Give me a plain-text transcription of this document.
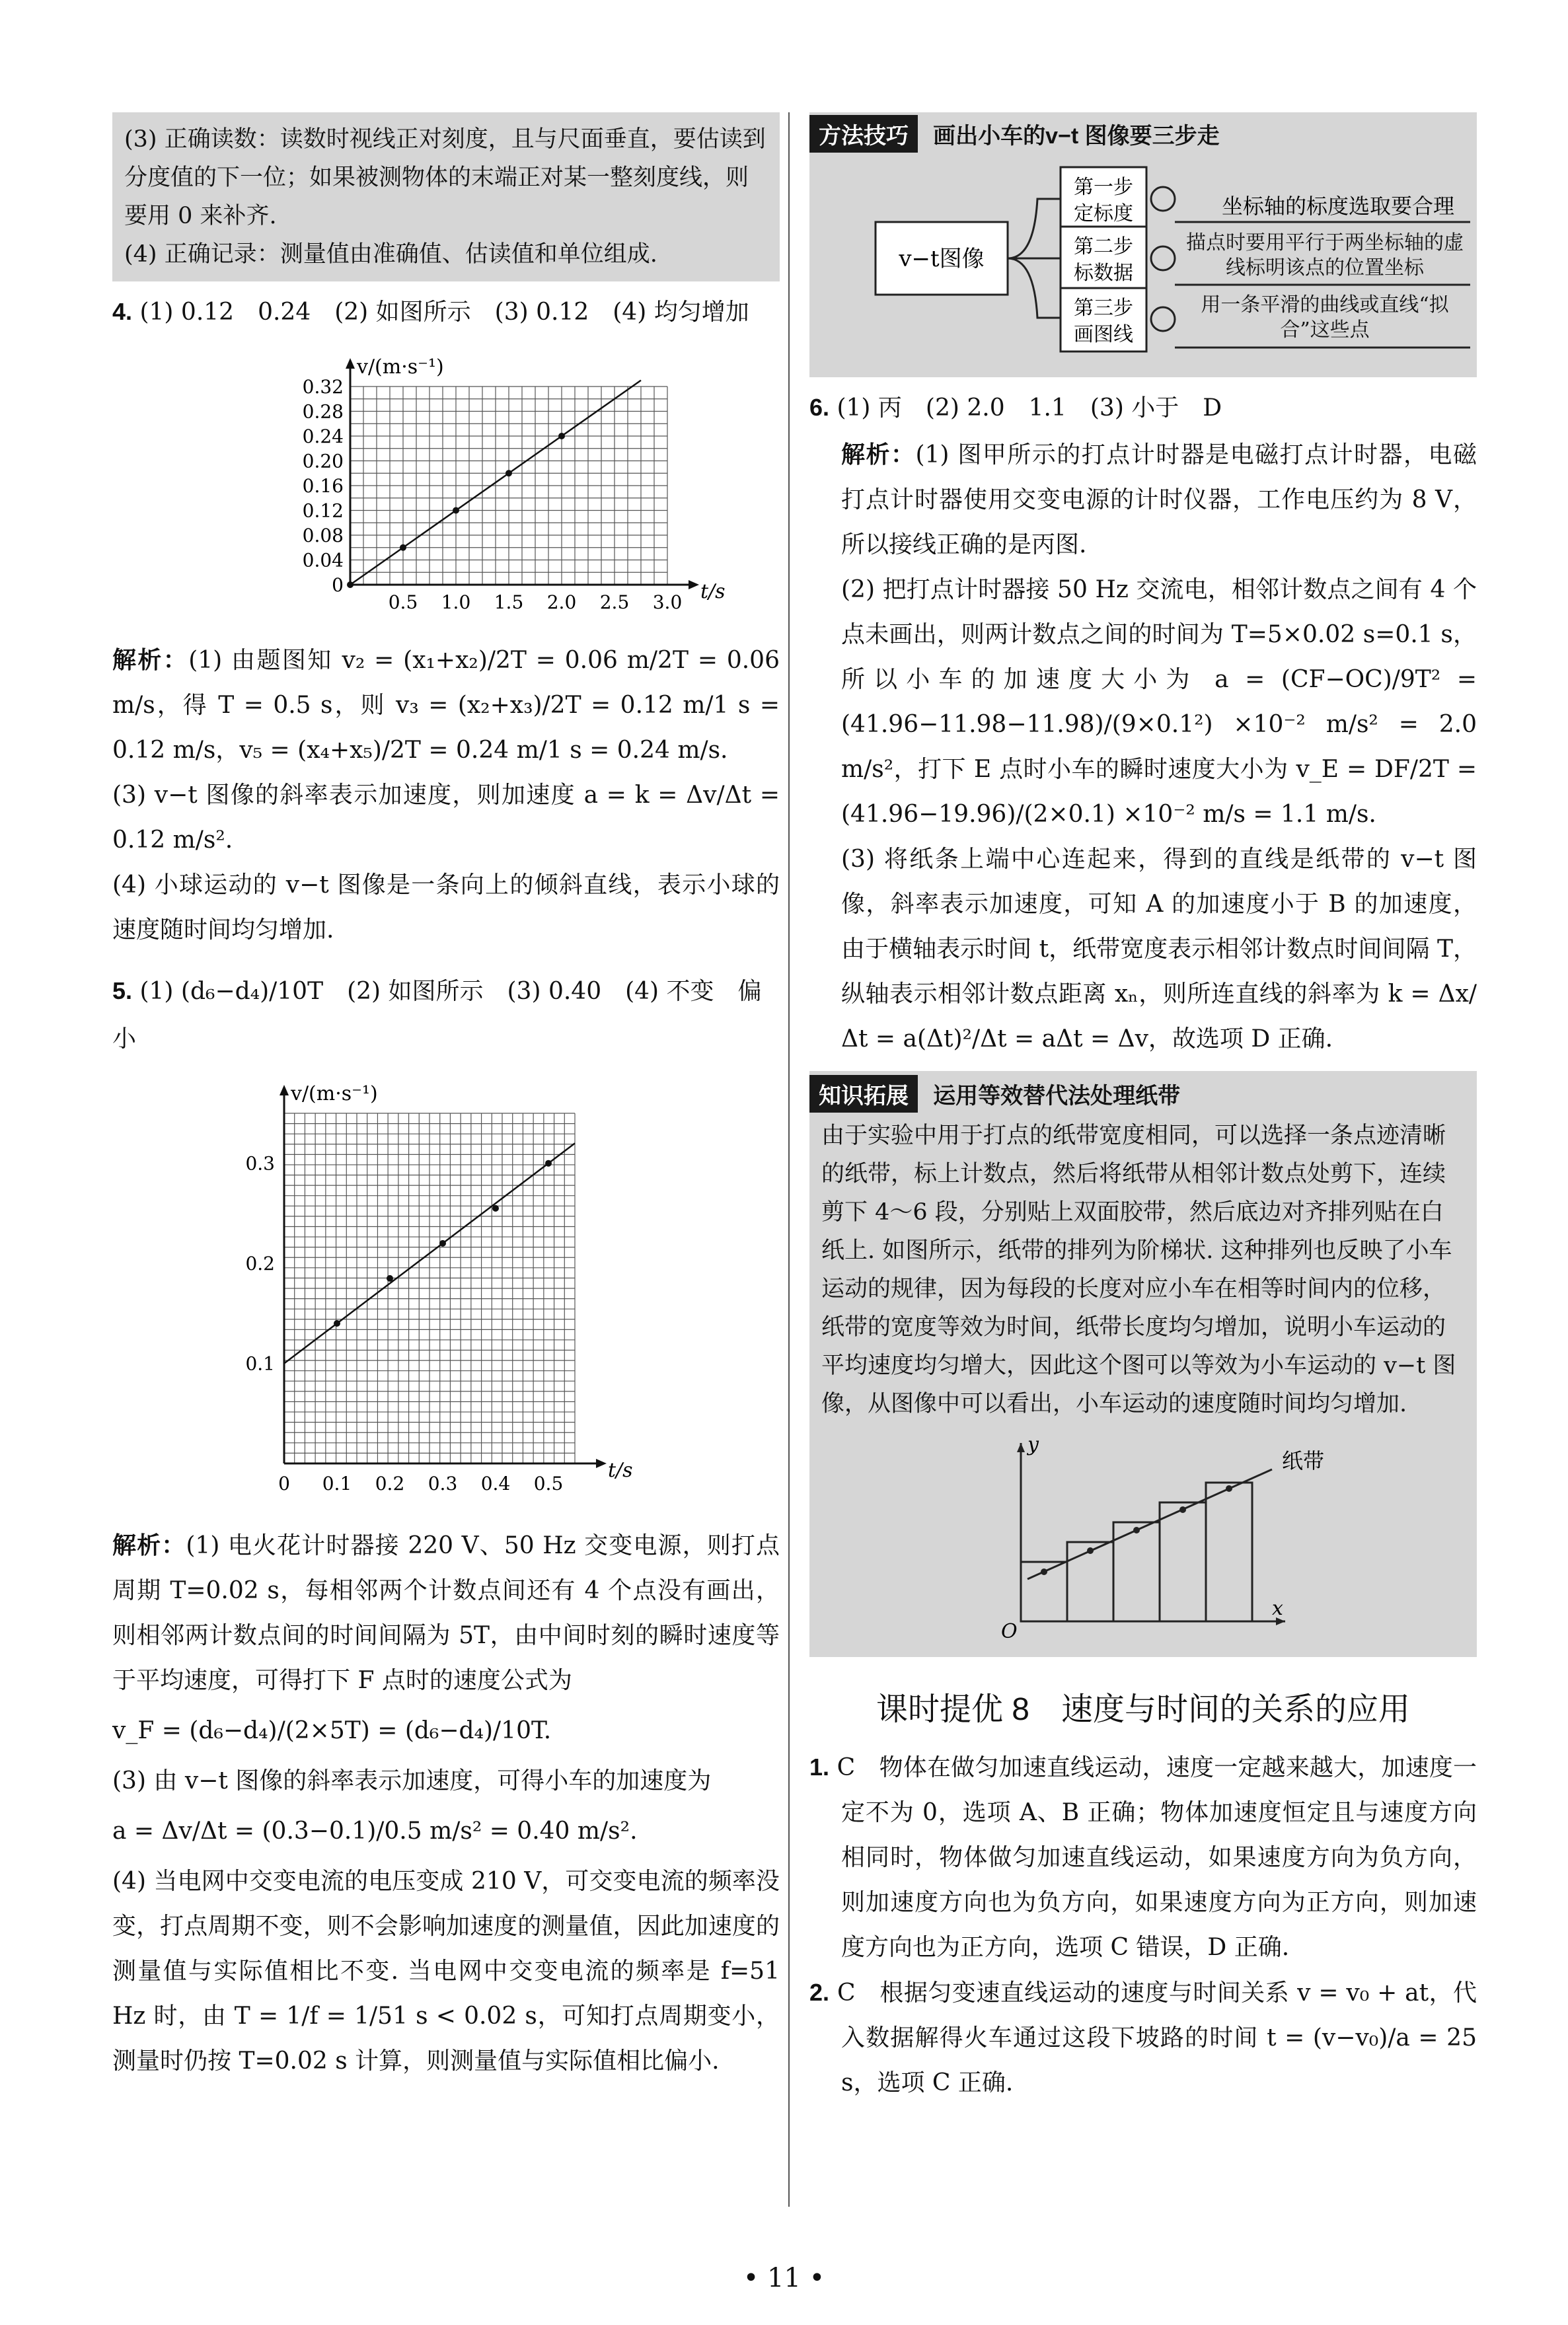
(3) 正确读数：读数时视线正对刻度，且与尺面垂直，要估读到分度值的下一位；如果被测物体的末端正对某一整刻度线，则要用 0 来补齐.

(4) 正确记录：测量值由准确值、估读值和单位组成.

4. (1) 0.12　0.24　(2) 如图所示　(3) 0.12　(4) 均匀增加
v/(m·s⁻¹)
t/s
0
0.04
0.08
0.12
0.16
0.20
0.24
0.28
0.32
0.5 1.0 1.5 2.0 2.5 3.0

解析：(1) 由题图知 v₂ = (x₁+x₂)/2T = 0.06 m/2T = 0.06 m/s，得 T = 0.5 s，则 v₃ = (x₂+x₃)/2T = 0.12 m/1 s = 0.12 m/s，v₅ = (x₄+x₅)/2T = 0.24 m/1 s = 0.24 m/s.

(3) v−t 图像的斜率表示加速度，则加速度 a = k = Δv/Δt = 0.12 m/s².

(4) 小球运动的 v−t 图像是一条向上的倾斜直线，表示小球的速度随时间均匀增加.

5. (1) (d₆−d₄)/10T　(2) 如图所示　(3) 0.40　(4) 不变　偏小
v/(m·s⁻¹)
t/s
0.1
0.2
0.3
0 0.1 0.2 0.3 0.4 0.5

解析：(1) 电火花计时器接 220 V、50 Hz 交变电源，则打点周期 T=0.02 s，每相邻两个计数点间还有 4 个点没有画出，则相邻两计数点间的时间间隔为 5T，由中间时刻的瞬时速度等于平均速度，可得打下 F 点时的速度公式为

v_F = (d₆−d₄)/(2×5T) = (d₆−d₄)/10T.

(3) 由 v−t 图像的斜率表示加速度，可得小车的加速度为

a = Δv/Δt = (0.3−0.1)/0.5 m/s² = 0.40 m/s².

(4) 当电网中交变电流的电压变成 210 V，可交变电流的频率没变，打点周期不变，则不会影响加速度的测量值，因此加速度的测量值与实际值相比不变. 当电网中交变电流的频率是 f=51 Hz 时，由 T = 1/f = 1/51 s < 0.02 s，可知打点周期变小，测量时仍按 T=0.02 s 计算，则测量值与实际值相比偏小.

方法技巧 画出小车的v−t 图像要三步走
v−t图像
第一步
定标度	坐标轴的标度选取要合理
第二步
标数据
描点时要用平行于两坐标轴的虚线标明该点的位置坐标
第三步
画图线
用一条平滑的曲线或直线“拟合”这些点
6. (1) 丙　(2) 2.0　1.1　(3) 小于　D

解析：(1) 图甲所示的打点计时器是电磁打点计时器，电磁打点计时器使用交变电源的计时仪器，工作电压约为 8 V，所以接线正确的是丙图.

(2) 把打点计时器接 50 Hz 交流电，相邻计数点之间有 4 个点未画出，则两计数点之间的时间为 T=5×0.02 s=0.1 s，所以小车的加速度大小为 a = (CF−OC)/9T² = (41.96−11.98−11.98)/(9×0.1²) ×10⁻² m/s² = 2.0 m/s²，打下 E 点时小车的瞬时速度大小为 v_E = DF/2T = (41.96−19.96)/(2×0.1) ×10⁻² m/s = 1.1 m/s.

(3) 将纸条上端中心连起来，得到的直线是纸带的 v−t 图像，斜率表示加速度，可知 A 的加速度小于 B 的加速度，由于横轴表示时间 t，纸带宽度表示相邻计数点时间间隔 T，纵轴表示相邻计数点距离 xₙ，则所连直线的斜率为 k = Δx/Δt = a(Δt)²/Δt = aΔt = Δv，故选项 D 正确.

知识拓展 运用等效替代法处理纸带

由于实验中用于打点的纸带宽度相同，可以选择一条点迹清晰的纸带，标上计数点，然后将纸带从相邻计数点处剪下，连续剪下 4～6 段，分别贴上双面胶带，然后底边对齐排列贴在白纸上. 如图所示，纸带的排列为阶梯状. 这种排列也反映了小车运动的规律，因为每段的长度对应小车在相等时间内的位移，纸带的宽度等效为时间，纸带长度均匀增加，说明小车运动的平均速度均匀增大，因此这个图可以等效为小车运动的 v−t 图像，从图像中可以看出，小车运动的速度随时间均匀增加.

y
x
O
纸带
课时提优 8　速度与时间的关系的应用

1. C　物体在做匀加速直线运动，速度一定越来越大，加速度一定不为 0，选项 A、B 正确；物体加速度恒定且与速度方向相同时，物体做匀加速直线运动，如果速度方向为负方向，则加速度方向也为负方向，如果速度方向为正方向，则加速度方向也为正方向，选项 C 错误，D 正确.

2. C　根据匀变速直线运动的速度与时间关系 v = v₀ + at，代入数据解得火车通过这段下坡路的时间 t = (v−v₀)/a = 25 s，选项 C 正确.

• 11 •
